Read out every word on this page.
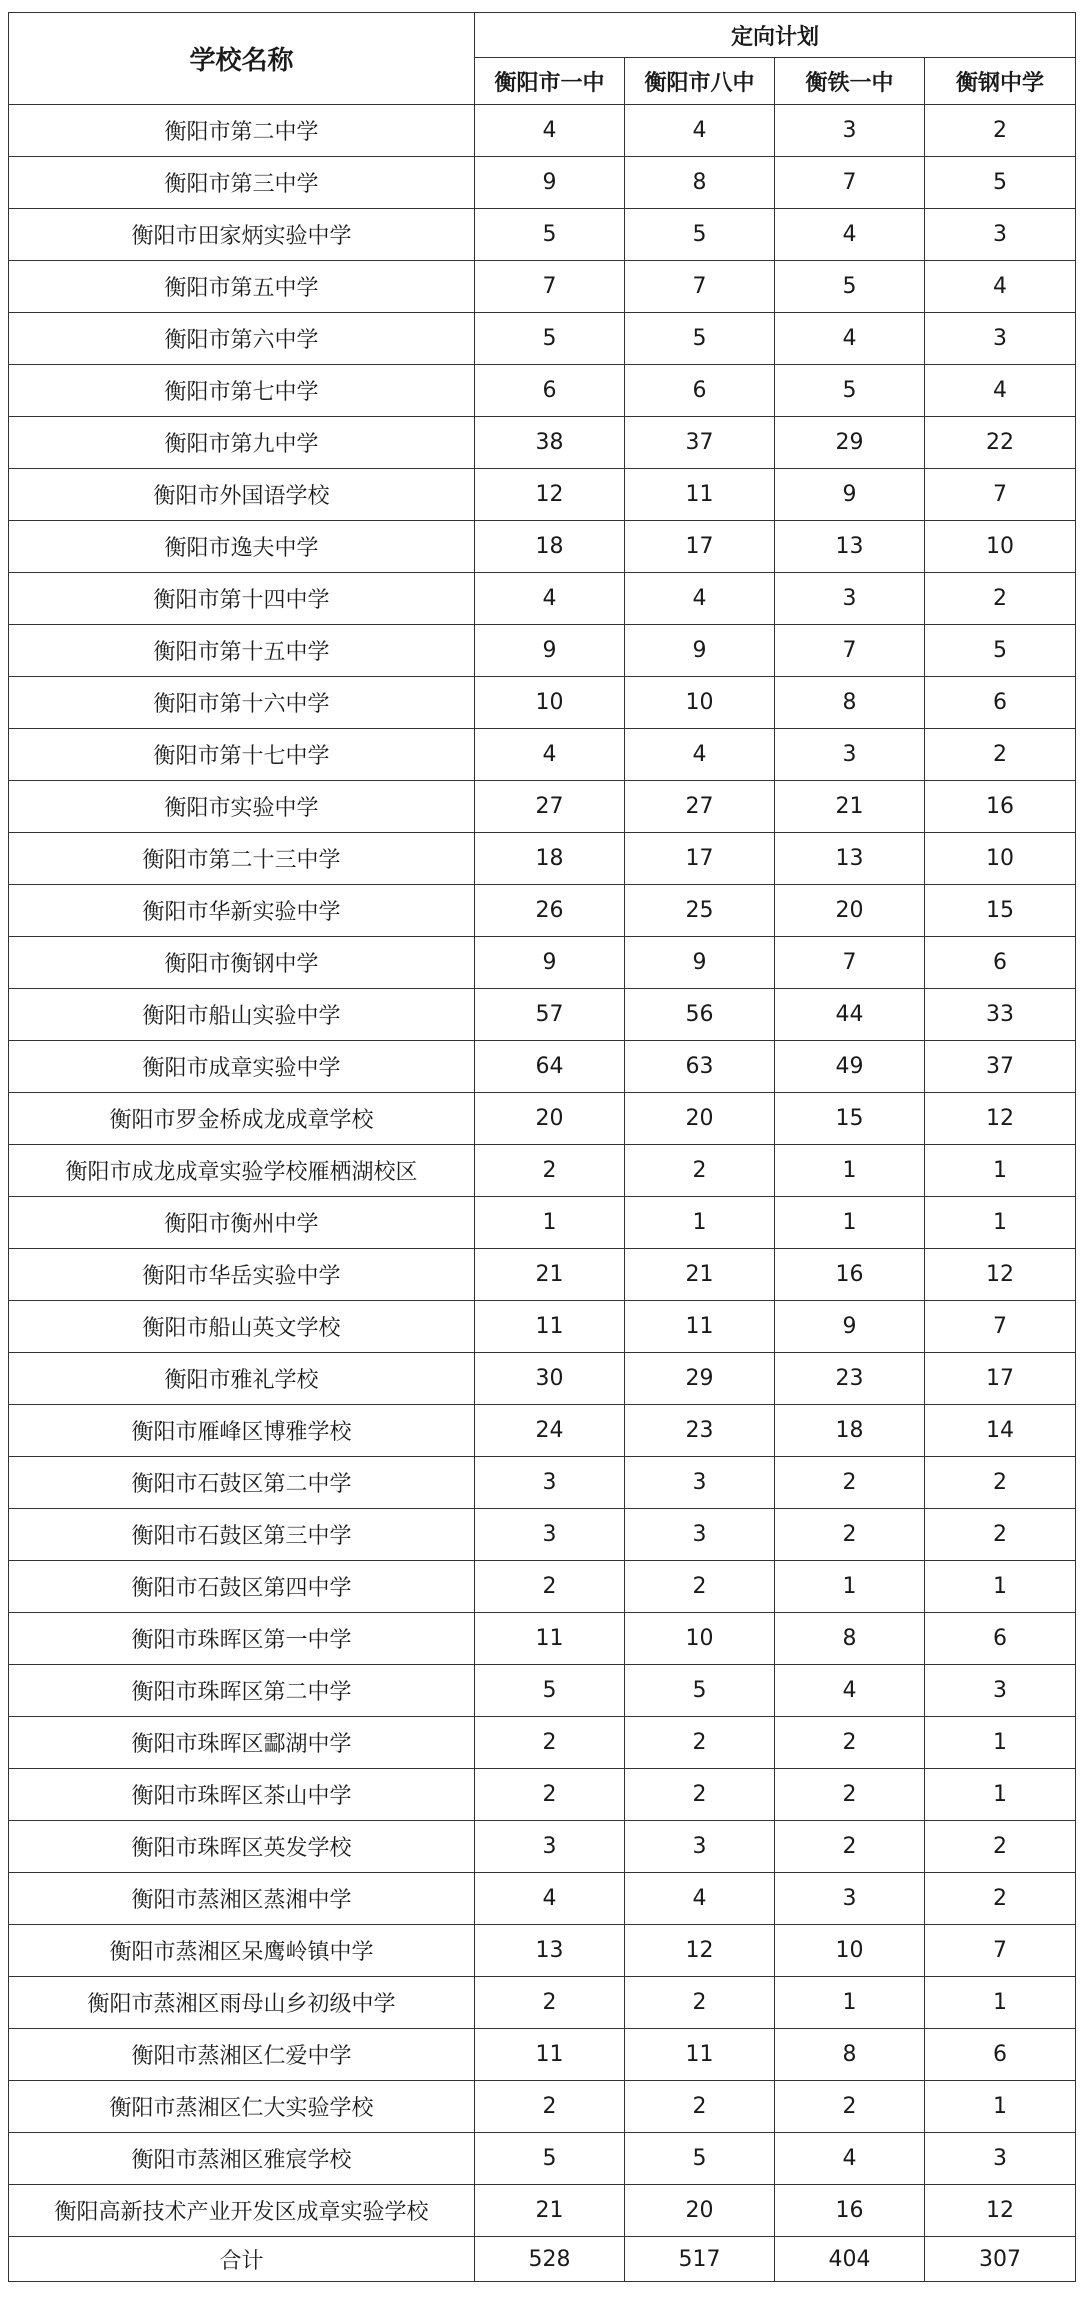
学校名称	定向计划			
	衡阳市一中	衡阳市八中	衡铁一中	衡钢中学
衡阳市第二中学	4	4	3	2
衡阳市第三中学	9	8	7	5
衡阳市田家炳实验中学	5	5	4	3
衡阳市第五中学	7	7	5	4
衡阳市第六中学	5	5	4	3
衡阳市第七中学	6	6	5	4
衡阳市第九中学	38	37	29	22
衡阳市外国语学校	12	11	9	7
衡阳市逸夫中学	18	17	13	10
衡阳市第十四中学	4	4	3	2
衡阳市第十五中学	9	9	7	5
衡阳市第十六中学	10	10	8	6
衡阳市第十七中学	4	4	3	2
衡阳市实验中学	27	27	21	16
衡阳市第二十三中学	18	17	13	10
衡阳市华新实验中学	26	25	20	15
衡阳市衡钢中学	9	9	7	6
衡阳市船山实验中学	57	56	44	33
衡阳市成章实验中学	64	63	49	37
衡阳市罗金桥成龙成章学校	20	20	15	12
衡阳市成龙成章实验学校雁栖湖校区	2	2	1	1
衡阳市衡州中学	1	1	1	1
衡阳市华岳实验中学	21	21	16	12
衡阳市船山英文学校	11	11	9	7
衡阳市雅礼学校	30	29	23	17
衡阳市雁峰区博雅学校	24	23	18	14
衡阳市石鼓区第二中学	3	3	2	2
衡阳市石鼓区第三中学	3	3	2	2
衡阳市石鼓区第四中学	2	2	1	1
衡阳市珠晖区第一中学	11	10	8	6
衡阳市珠晖区第二中学	5	5	4	3
衡阳市珠晖区酃湖中学	2	2	2	1
衡阳市珠晖区茶山中学	2	2	2	1
衡阳市珠晖区英发学校	3	3	2	2
衡阳市蒸湘区蒸湘中学	4	4	3	2
衡阳市蒸湘区呆鹰岭镇中学	13	12	10	7
衡阳市蒸湘区雨母山乡初级中学	2	2	1	1
衡阳市蒸湘区仁爱中学	11	11	8	6
衡阳市蒸湘区仁大实验学校	2	2	2	1
衡阳市蒸湘区雅宸学校	5	5	4	3
衡阳高新技术产业开发区成章实验学校	21	20	16	12
合计	528	517	404	307
